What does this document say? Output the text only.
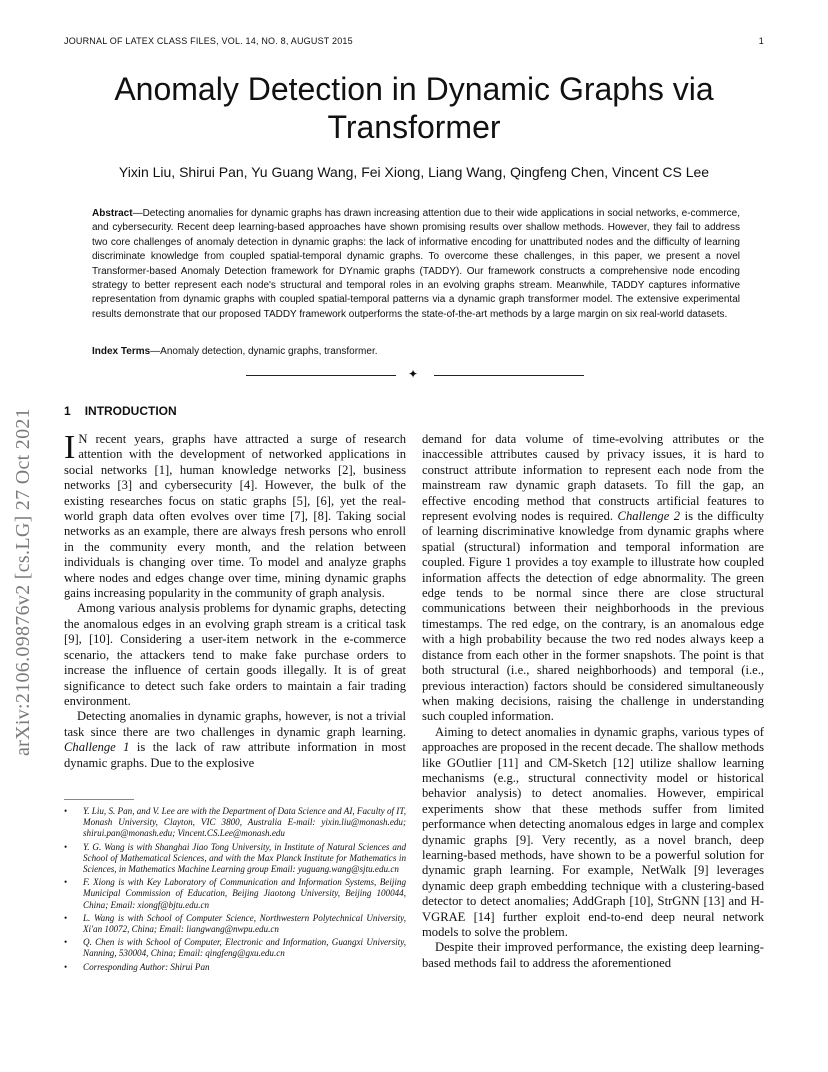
JOURNAL OF LATEX CLASS FILES, VOL. 14, NO. 8, AUGUST 2015	1
Anomaly Detection in Dynamic Graphs via Transformer
Yixin Liu, Shirui Pan, Yu Guang Wang, Fei Xiong, Liang Wang, Qingfeng Chen, Vincent CS Lee
Abstract—Detecting anomalies for dynamic graphs has drawn increasing attention due to their wide applications in social networks, e-commerce, and cybersecurity. Recent deep learning-based approaches have shown promising results over shallow methods. However, they fail to address two core challenges of anomaly detection in dynamic graphs: the lack of informative encoding for unattributed nodes and the difficulty of learning discriminate knowledge from coupled spatial-temporal dynamic graphs. To overcome these challenges, in this paper, we present a novel Transformer-based Anomaly Detection framework for DYnamic graphs (TADDY). Our framework constructs a comprehensive node encoding strategy to better represent each node's structural and temporal roles in an evolving graphs stream. Meanwhile, TADDY captures informative representation from dynamic graphs with coupled spatial-temporal patterns via a dynamic graph transformer model. The extensive experimental results demonstrate that our proposed TADDY framework outperforms the state-of-the-art methods by a large margin on six real-world datasets.
Index Terms—Anomaly detection, dynamic graphs, transformer.
✦
arXiv:2106.09876v2 [cs.LG] 27 Oct 2021	1 INTRODUCTION

I N recent years, graphs have attracted a surge of research attention with the development of networked applications in social networks [1], human knowledge networks [2], business networks [3] and cybersecurity [4]. However, the bulk of the existing researches focus on static graphs [5], [6], yet the real-world graph data often evolves over time [7], [8]. Taking social networks as an example, there are always fresh persons who enroll in the community every month, and the relation between individuals is changing over time. To model and analyze graphs where nodes and edges change over time, mining dynamic graphs gains increasing popularity in the community of graph analysis.

Among various analysis problems for dynamic graphs, detecting the anomalous edges in an evolving graph stream is a critical task [9], [10]. Considering a user-item network in the e-commerce scenario, the attackers tend to make fake purchase orders to increase the influence of certain goods illegally. It is of great significance to detect such fake orders to maintain a fair trading environment.

Detecting anomalies in dynamic graphs, however, is not a trivial task since there are two challenges in dynamic graph learning. Challenge 1 is the lack of raw attribute information in most dynamic graphs. Due to the explosive

• Y. Liu, S. Pan, and V. Lee are with the Department of Data Science and AI, Faculty of IT, Monash University, Clayton, VIC 3800, Australia E-mail: yixin.liu@monash.edu; shirui.pan@monash.edu; Vincent.CS.Lee@monash.edu
• Y. G. Wang is with Shanghai Jiao Tong University, in Institute of Natural Sciences and School of Mathematical Sciences, and with the Max Planck Institute for Mathematics in Sciences, in Mathematics Machine Learning group Email: yuguang.wang@sjtu.edu.cn
• F. Xiong is with Key Laboratory of Communication and Information Systems, Beijing Municipal Commission of Education, Beijing Jiaotong University, Beijing 100044, China; Email: xiongf@bjtu.edu.cn
• L. Wang is with School of Computer Science, Northwestern Polytechnical University, Xi'an 10072, China; Email: liangwang@nwpu.edu.cn
• Q. Chen is with School of Computer, Electronic and Information, Guangxi University, Nanning, 530004, China; Email: qingfeng@gxu.edu.cn
• Corresponding Author: Shirui Pan

demand for data volume of time-evolving attributes or the inaccessible attributes caused by privacy issues, it is hard to construct attribute information to represent each node from the mainstream raw dynamic graph datasets. To fill the gap, an effective encoding method that constructs artificial features to represent evolving nodes is required. Challenge 2 is the difficulty of learning discriminative knowledge from dynamic graphs where spatial (structural) information and temporal information are coupled. Figure 1 provides a toy example to illustrate how coupled information affects the detection of edge abnormality. The green edge tends to be normal since there are close structural communications between their neighborhoods in the previous timestamps. The red edge, on the contrary, is an anomalous edge with a high probability because the two red nodes always keep a distance from each other in the former snapshots. The point is that both structural (i.e., shared neighborhoods) and temporal (i.e., previous interaction) factors should be considered simultaneously when making decisions, raising the challenge in understanding such coupled information.

Aiming to detect anomalies in dynamic graphs, various types of approaches are proposed in the recent decade. The shallow methods like GOutlier [11] and CM-Sketch [12] utilize shallow learning mechanisms (e.g., structural connectivity model or historical behavior analysis) to detect anomalies. However, empirical experiments show that these methods suffer from limited performance when detecting anomalous edges in large and complex dynamic graphs [9]. Very recently, as a novel branch, deep learning-based methods, have shown to be a powerful solution for dynamic graph learning. For example, NetWalk [9] leverages dynamic deep graph embedding technique with a clustering-based detector to detect anomalies; AddGraph [10], StrGNN [13] and H-VGRAE [14] further exploit end-to-end deep neural network models to solve the problem.

Despite their improved performance, the existing deep learning-based methods fail to address the aforementioned
